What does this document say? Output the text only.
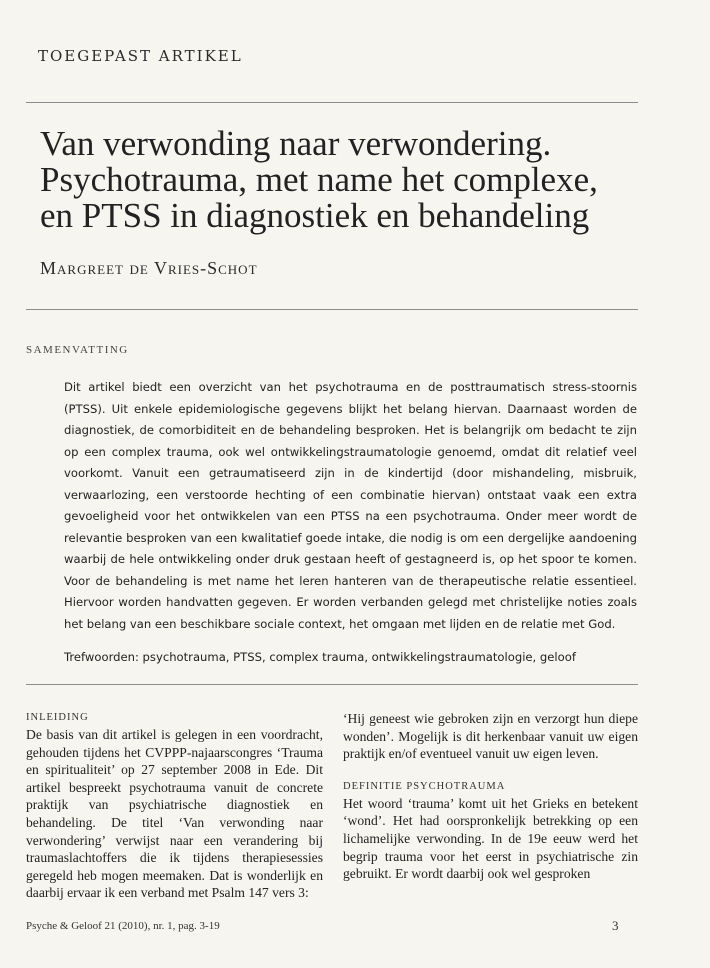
TOEGEPAST ARTIKEL
Van verwonding naar verwondering.
Psychotrauma, met name het complexe,
en PTSS in diagnostiek en behandeling
Margreet de Vries-Schot
SAMENVATTING
Dit artikel biedt een overzicht van het psychotrauma en de posttraumatisch stress-stoornis (PTSS). Uit enkele epidemiologische gegevens blijkt het belang hiervan. Daarnaast worden de diagnostiek, de comorbiditeit en de behandeling besproken. Het is belangrijk om bedacht te zijn op een complex trauma, ook wel ontwikkelingstraumatologie genoemd, omdat dit relatief veel voorkomt. Vanuit een getraumatiseerd zijn in de kindertijd (door mishandeling, misbruik, verwaarlozing, een verstoorde hechting of een combinatie hiervan) ontstaat vaak een extra gevoeligheid voor het ontwikkelen van een PTSS na een psychotrauma. Onder meer wordt de relevantie besproken van een kwalitatief goede intake, die nodig is om een dergelijke aandoening waarbij de hele ontwikkeling onder druk gestaan heeft of gestagneerd is, op het spoor te komen. Voor de behandeling is met name het leren hanteren van de therapeutische relatie essentieel. Hiervoor worden handvatten gegeven. Er worden verbanden gelegd met christelijke noties zoals het belang van een beschikbare sociale context, het omgaan met lijden en de relatie met God.
Trefwoorden: psychotrauma, PTSS, complex trauma, ontwikkelingstraumatologie, geloof
INLEIDING

De basis van dit artikel is gelegen in een voordracht, gehouden tijdens het CVPPP-najaarscongres ‘Trauma en spiritualiteit’ op 27 september 2008 in Ede. Dit artikel bespreekt psychotrauma vanuit de concrete praktijk van psychiatrische diagnostiek en behandeling. De titel ‘Van verwonding naar verwondering’ verwijst naar een verandering bij traumaslachtoffers die ik tijdens therapiesessies geregeld heb mogen meemaken. Dat is wonderlijk en daarbij ervaar ik een verband met Psalm 147 vers 3:

‘Hij geneest wie gebroken zijn en verzorgt hun diepe wonden’. Mogelijk is dit herkenbaar vanuit uw eigen praktijk en/of eventueel vanuit uw eigen leven.

DEFINITIE PSYCHOTRAUMA

Het woord ‘trauma’ komt uit het Grieks en betekent ‘wond’. Het had oorspronkelijk betrekking op een lichamelijke verwonding. In de 19e eeuw werd het begrip trauma voor het eerst in psychiatrische zin gebruikt. Er wordt daarbij ook wel gesproken

Psyche & Geloof 21 (2010), nr. 1, pag. 3-19	3
